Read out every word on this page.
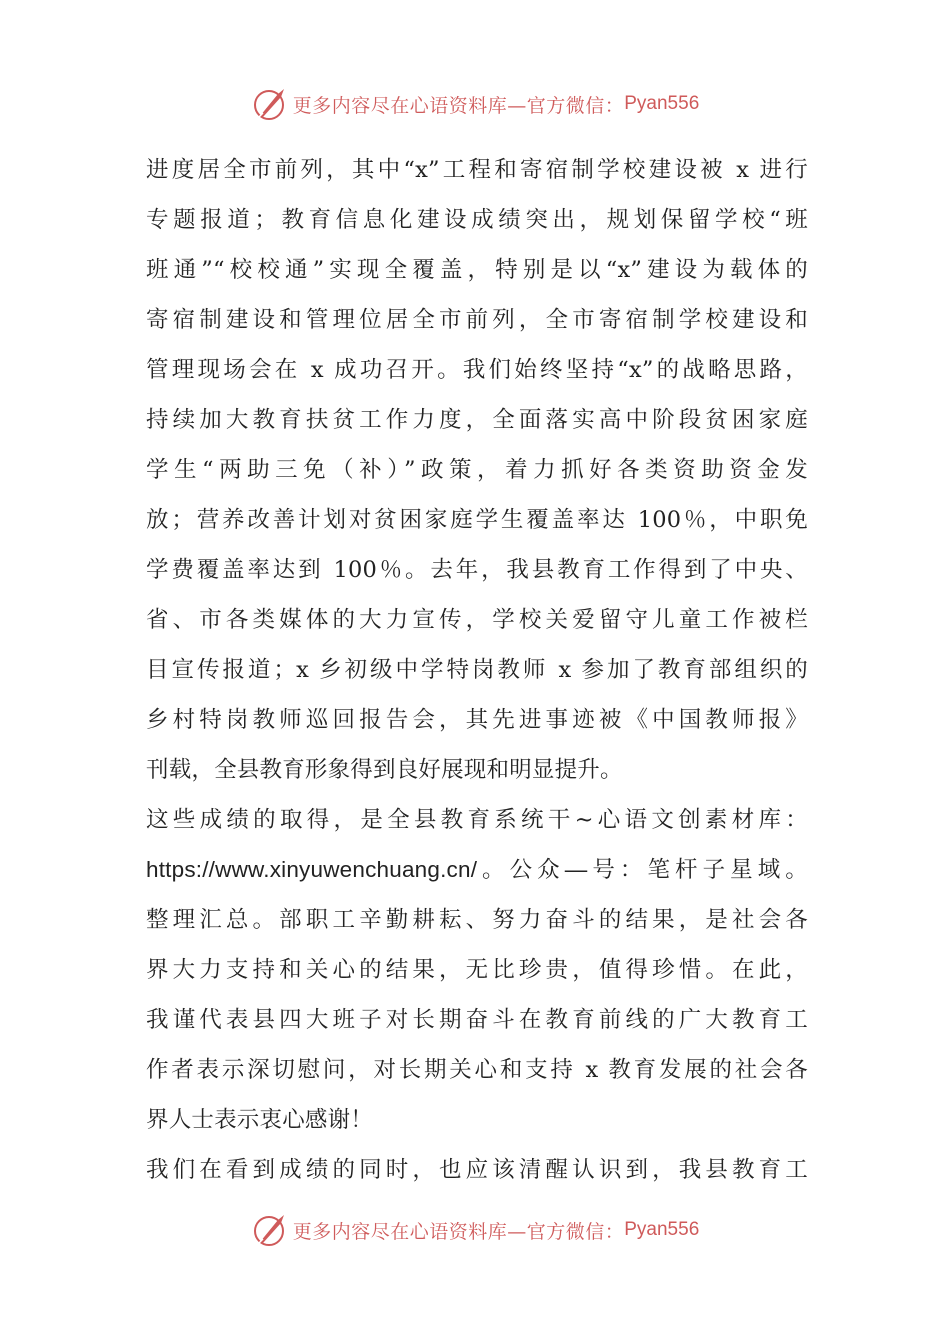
更多内容尽在心语资料库—官方微信： Pyan556
进度居全市前列，其中“x”工程和寄宿制学校建设被 x 进行
专题报道；教育信息化建设成绩突出，规划保留学校“班
班通”“校校通”实现全覆盖，特别是以“x”建设为载体的
寄宿制建设和管理位居全市前列，全市寄宿制学校建设和
管理现场会在 x 成功召开。我们始终坚持“x”的战略思路，
持续加大教育扶贫工作力度，全面落实高中阶段贫困家庭
学生“两助三免（补）”政策，着力抓好各类资助资金发
放；营养改善计划对贫困家庭学生覆盖率达 100％，中职免
学费覆盖率达到 100％。去年，我县教育工作得到了中央、
省、市各类媒体的大力宣传，学校关爱留守儿童工作被栏
目宣传报道；x 乡初级中学特岗教师 x 参加了教育部组织的
乡村特岗教师巡回报告会，其先进事迹被《中国教师报》
刊载，全县教育形象得到良好展现和明显提升。
这些成绩的取得，是全县教育系统干~心语文创素材库：
https://www.xinyuwenchuang.cn/。公众—号：笔杆子星域。
整理汇总。部职工辛勤耕耘、努力奋斗的结果，是社会各
界大力支持和关心的结果，无比珍贵，值得珍惜。在此，
我谨代表县四大班子对长期奋斗在教育前线的广大教育工
作者表示深切慰问，对长期关心和支持 x 教育发展的社会各
界人士表示衷心感谢！
我们在看到成绩的同时，也应该清醒认识到，我县教育工
更多内容尽在心语资料库—官方微信： Pyan556
